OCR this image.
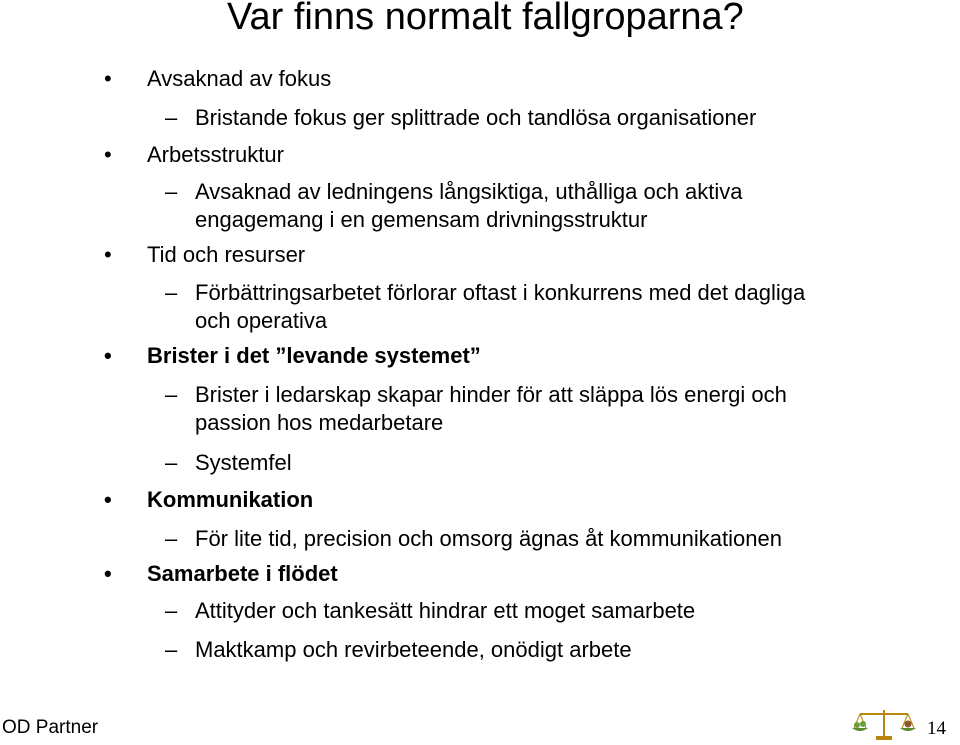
Var finns normalt fallgroparna?
• Avsaknad av fokus
– Bristande fokus ger splittrade och tandlösa organisationer
• Arbetsstruktur
– Avsaknad av ledningens långsiktiga, uthålliga och aktiva
engagemang i en gemensam drivningsstruktur
• Tid och resurser
– Förbättringsarbetet förlorar oftast i konkurrens med det dagliga
och operativa
• Brister i det ”levande systemet”
– Brister i ledarskap skapar hinder för att släppa lös energi och
passion hos medarbetare
– Systemfel
• Kommunikation
– För lite tid, precision och omsorg ägnas åt kommunikationen
• Samarbete i flödet
– Attityder och tankesätt hindrar ett moget samarbete
– Maktkamp och revirbeteende, onödigt arbete
OD Partner	14
